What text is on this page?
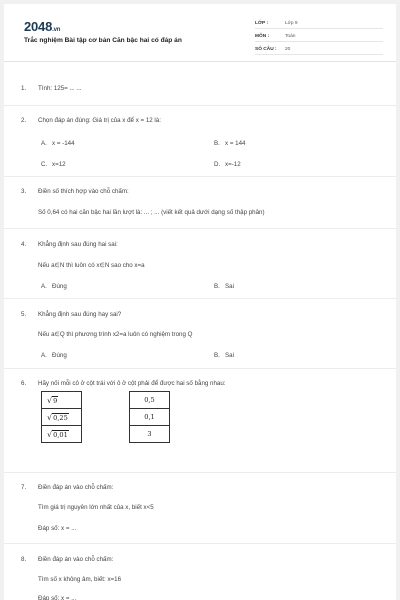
2048.vn
Trắc nghiệm Bài tập cơ bản Căn bậc hai có đáp án
LỚP :	Lớp 9
MÔN :	Toán
SỐ CÂU : 20
1. Tính: 125= ... ...
2. Chọn đáp án đúng: Giá trị của x để x = 12 là:
A. x = -144	B. x = 144
C. x=12	D. x=-12
3. Điền số thích hợp vào chỗ chấm:
Số 0,64 có hai căn bậc hai lần lượt là: ... ; ... (viết kết quả dưới dạng số thập phân)
4. Khẳng định sau đúng hai sai:
Nếu a∈N thì luôn có x∈N sao cho x=a
A. Đúng	B. Sai
5. Khẳng định sau đúng hay sai?
Nếu a∈Q thì phương trình x2=a luôn có nghiệm trong Q
A. Đúng	B. Sai
6. Hãy nối mỗi cô ở cột trái với ô ở cột phải để được hai số bằng nhau:
√9		0,5
√0,25		0,1
√0,01		3
7. Điền đáp án vào chỗ chấm:
Tìm giá trị nguyên lớn nhất của x, biết x<5
Đáp số: x = ...
8. Điền đáp án vào chỗ chấm:
Tìm số x không âm, biết: x=16
Đáp số: x = ...
